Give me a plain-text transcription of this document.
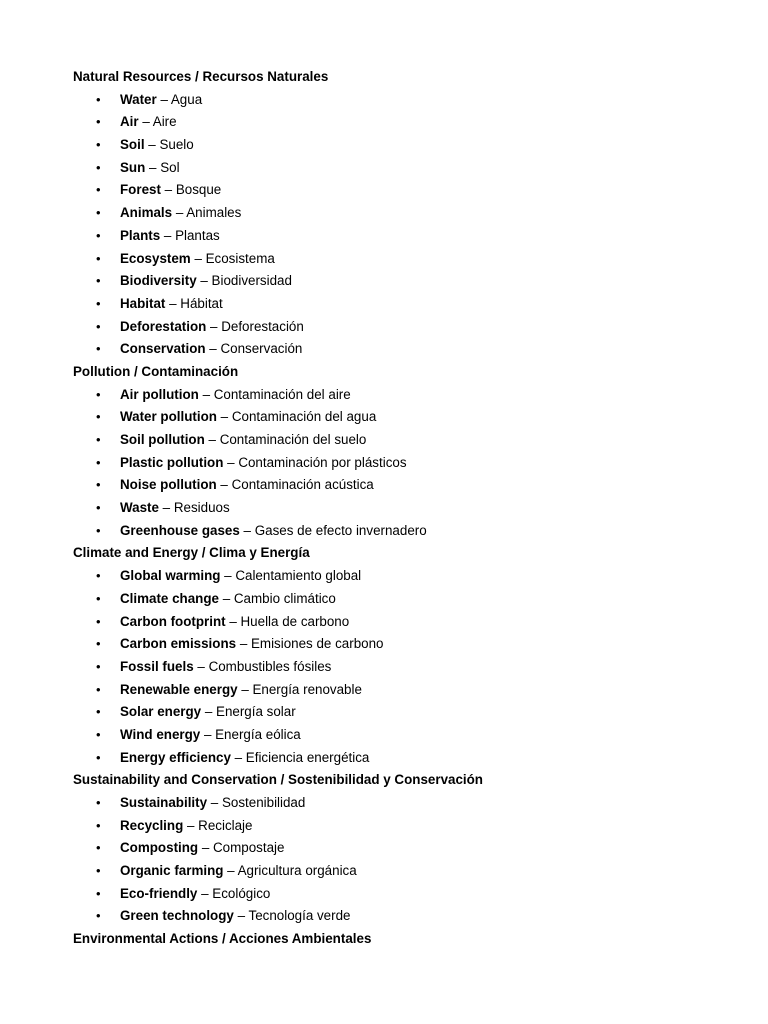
Natural Resources / Recursos Naturales
• Water – Agua
• Air – Aire
• Soil – Suelo
• Sun – Sol
• Forest – Bosque
• Animals – Animales
• Plants – Plantas
• Ecosystem – Ecosistema
• Biodiversity – Biodiversidad
• Habitat – Hábitat
• Deforestation – Deforestación
• Conservation – Conservación
Pollution / Contaminación
• Air pollution – Contaminación del aire
• Water pollution – Contaminación del agua
• Soil pollution – Contaminación del suelo
• Plastic pollution – Contaminación por plásticos
• Noise pollution – Contaminación acústica
• Waste – Residuos
• Greenhouse gases – Gases de efecto invernadero
Climate and Energy / Clima y Energía
• Global warming – Calentamiento global
• Climate change – Cambio climático
• Carbon footprint – Huella de carbono
• Carbon emissions – Emisiones de carbono
• Fossil fuels – Combustibles fósiles
• Renewable energy – Energía renovable
• Solar energy – Energía solar
• Wind energy – Energía eólica
• Energy efficiency – Eficiencia energética
Sustainability and Conservation / Sostenibilidad y Conservación
• Sustainability – Sostenibilidad
• Recycling – Reciclaje
• Composting – Compostaje
• Organic farming – Agricultura orgánica
• Eco-friendly – Ecológico
• Green technology – Tecnología verde
Environmental Actions / Acciones Ambientales
